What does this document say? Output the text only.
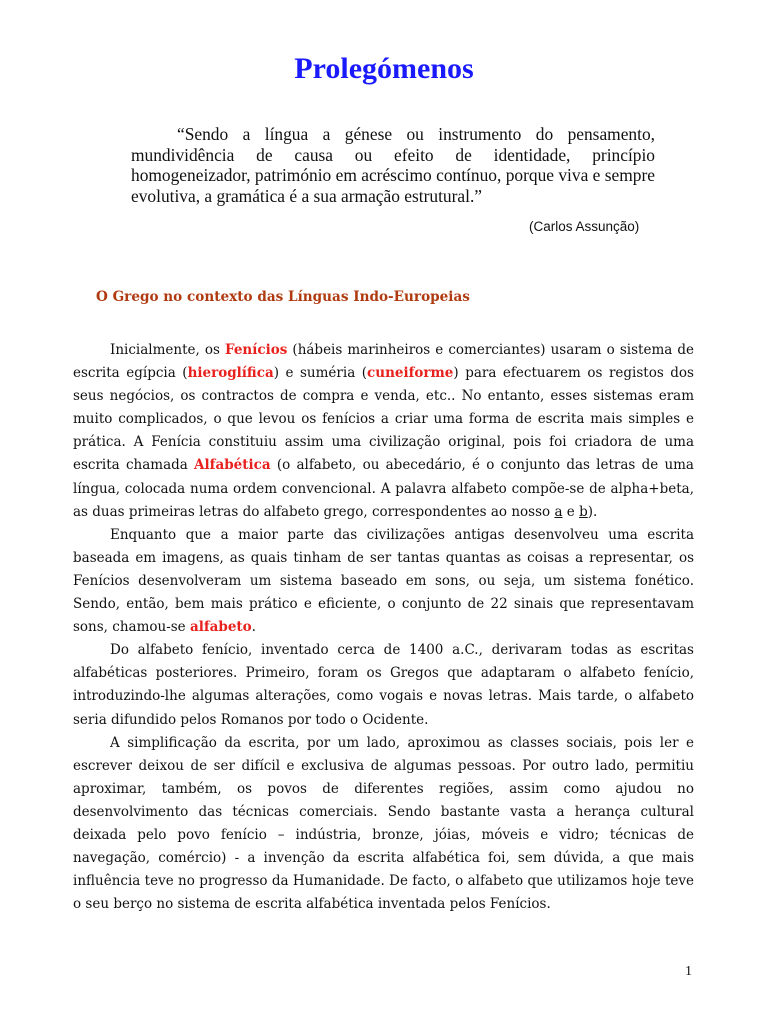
Prolegómenos

“Sendo a língua a génese ou instrumento do pensamento, mundividência de causa ou efeito de identidade, princípio homogeneizador, património em acréscimo contínuo, porque viva e sempre evolutiva, a gramática é a sua armação estrutural.”

(Carlos Assunção)

O Grego no contexto das Línguas Indo-Europeias

Inicialmente, os Fenícios (hábeis marinheiros e comerciantes) usaram o sistema de escrita egípcia (hieroglífica) e suméria (cuneiforme) para efectuarem os registos dos seus negócios, os contractos de compra e venda, etc.. No entanto, esses sistemas eram muito complicados, o que levou os fenícios a criar uma forma de escrita mais simples e prática. A Fenícia constituiu assim uma civilização original, pois foi criadora de uma escrita chamada Alfabética (o alfabeto, ou abecedário, é o conjunto das letras de uma língua, colocada numa ordem convencional. A palavra alfabeto compõe-se de alpha+beta, as duas primeiras letras do alfabeto grego, correspondentes ao nosso a e b).

Enquanto que a maior parte das civilizações antigas desenvolveu uma escrita baseada em imagens, as quais tinham de ser tantas quantas as coisas a representar, os Fenícios desenvolveram um sistema baseado em sons, ou seja, um sistema fonético. Sendo, então, bem mais prático e eficiente, o conjunto de 22 sinais que representavam sons, chamou-se alfabeto.

Do alfabeto fenício, inventado cerca de 1400 a.C., derivaram todas as escritas alfabéticas posteriores. Primeiro, foram os Gregos que adaptaram o alfabeto fenício, introduzindo-lhe algumas alterações, como vogais e novas letras. Mais tarde, o alfabeto seria difundido pelos Romanos por todo o Ocidente.

A simplificação da escrita, por um lado, aproximou as classes sociais, pois ler e escrever deixou de ser difícil e exclusiva de algumas pessoas. Por outro lado, permitiu aproximar, também, os povos de diferentes regiões, assim como ajudou no desenvolvimento das técnicas comerciais. Sendo bastante vasta a herança cultural deixada pelo povo fenício – indústria, bronze, jóias, móveis e vidro; técnicas de navegação, comércio) - a invenção da escrita alfabética foi, sem dúvida, a que mais influência teve no progresso da Humanidade. De facto, o alfabeto que utilizamos hoje teve o seu berço no sistema de escrita alfabética inventada pelos Fenícios.

1
